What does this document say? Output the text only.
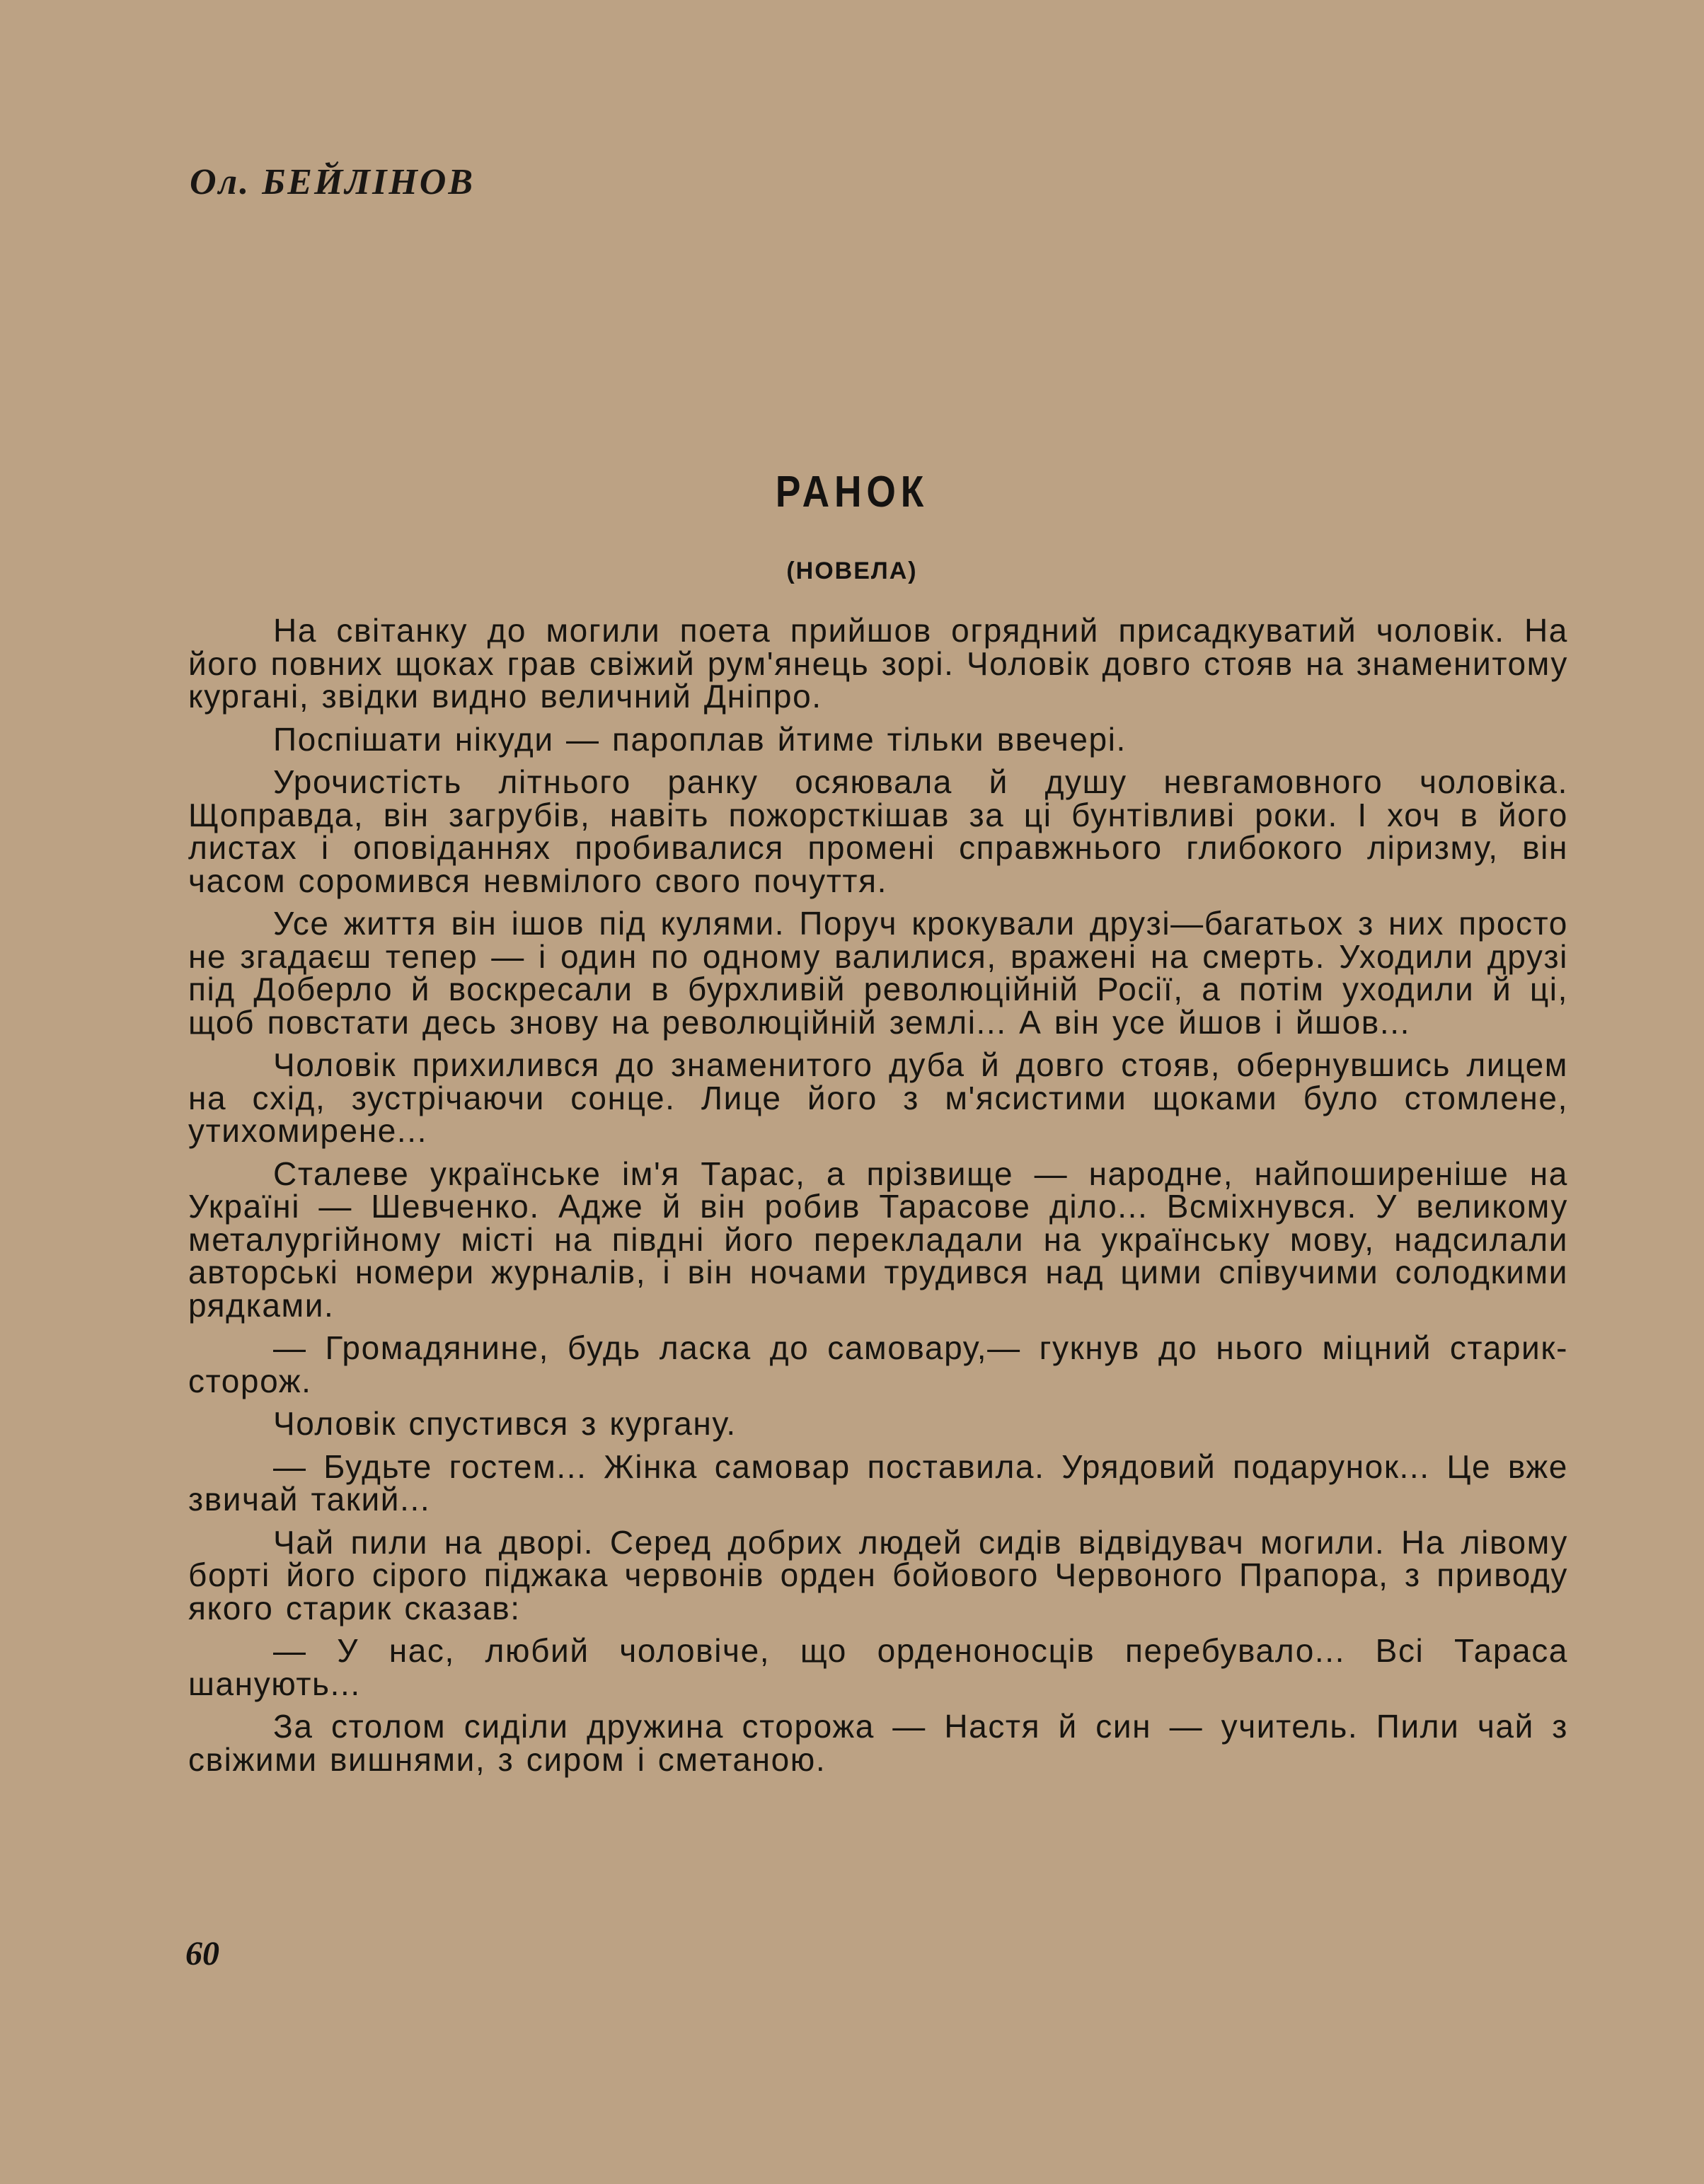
Ол. БЕЙЛІНОВ
РАНОК
(НОВЕЛА)

На світанку до могили поета прийшов огрядний присадкуватий чоловік. На його повних щоках грав свіжий рум'янець зорі. Чоловік довго стояв на знаменитому кургані, звідки видно величний Дніпро.

Поспішати нікуди — пароплав йтиме тільки ввечері.

Урочистість літнього ранку осяювала й душу невгамовного чоловіка. Щоправда, він загрубів, навіть пожорсткішав за ці бунтівливі роки. І хоч в його листах і оповіданнях пробивалися промені справжнього глибокого ліризму, він часом соромився невмілого свого почуття.

Усе життя він ішов під кулями. Поруч крокували друзі—багатьох з них просто не згадаєш тепер — і один по одному валилися, вражені на смерть. Уходили друзі під Доберло й воскресали в бурхливій революційній Росії, а потім уходили й ці, щоб повстати десь знову на революційній землі... А він усе йшов і йшов...

Чоловік прихилився до знаменитого дуба й довго стояв, обернувшись лицем на схід, зустрічаючи сонце. Лице його з м'ясистими щоками було стомлене, утихомирене...

Сталеве українське ім'я Тарас, а прізвище — народне, найпоширеніше на Україні — Шевченко. Адже й він робив Тарасове діло... Всміхнувся. У великому металургійному місті на півдні його перекладали на українську мову, надсилали авторські номери журналів, і він ночами трудився над цими співучими солодкими рядками.

— Громадянине, будь ласка до самовару,— гукнув до нього міцний старик-сторож.

Чоловік спустився з кургану.

— Будьте гостем... Жінка самовар поставила. Урядовий подарунок... Це вже звичай такий...

Чай пили на дворі. Серед добрих людей сидів відвідувач могили. На лівому борті його сірого піджака червонів орден бойового Червоного Прапора, з приводу якого старик сказав:

— У нас, любий чоловіче, що орденоносців перебувало... Всі Тараса шанують...

За столом сиділи дружина сторожа — Настя й син — учитель. Пили чай з свіжими вишнями, з сиром і сметаною.

60
